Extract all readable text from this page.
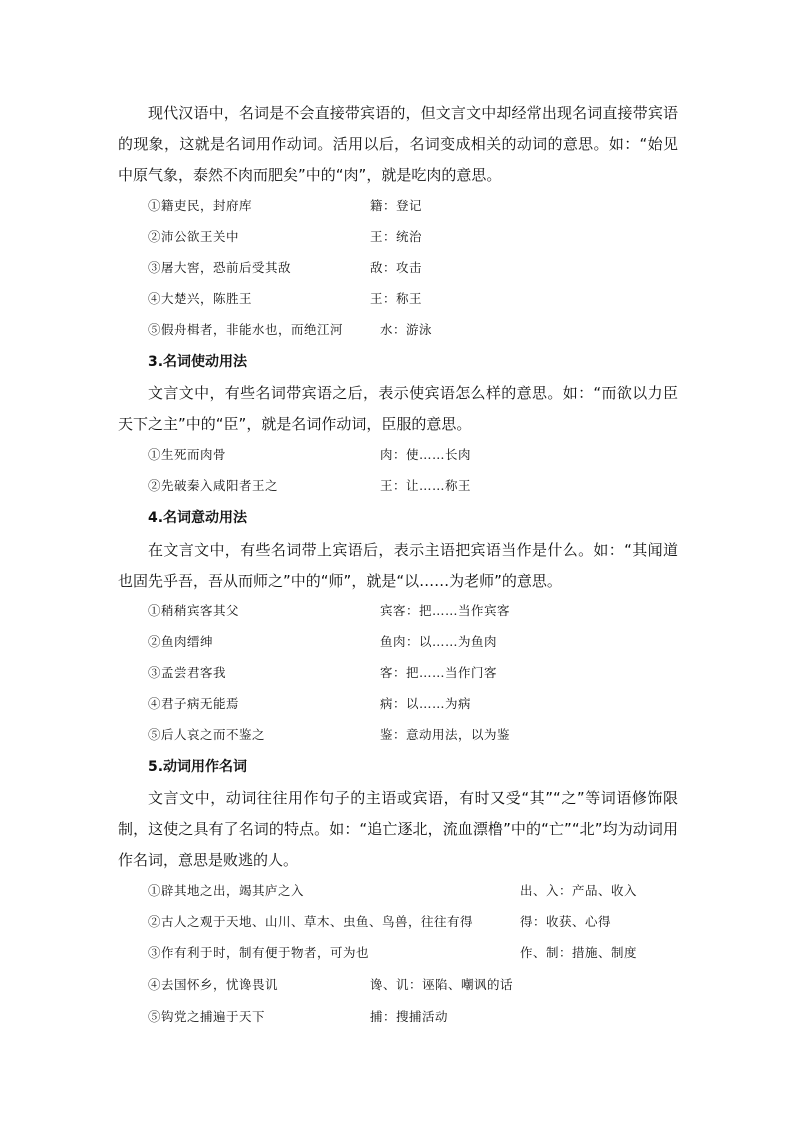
现代汉语中，名词是不会直接带宾语的，但文言文中却经常出现名词直接带宾语的现象，这就是名词用作动词。活用以后，名词变成相关的动词的意思。如：“始见中原气象，泰然不肉而肥矣”中的“肉”，就是吃肉的意思。

①籍吏民，封府库	籍：登记
②沛公欲王关中	王：统治
③屠大窖，恐前后受其敌	敌：攻击
④大楚兴，陈胜王	王：称王
⑤假舟楫者，非能水也，而绝江河	水：游泳
3.名词使动用法

文言文中，有些名词带宾语之后，表示使宾语怎么样的意思。如：“而欲以力臣天下之主”中的“臣”，就是名词作动词，臣服的意思。

①生死而肉骨	肉：使……长肉
②先破秦入咸阳者王之	王：让……称王
4.名词意动用法

在文言文中，有些名词带上宾语后，表示主语把宾语当作是什么。如：“其闻道也固先乎吾，吾从而师之”中的“师”，就是“以……为老师”的意思。

①稍稍宾客其父	宾客：把……当作宾客
②鱼肉缙绅	鱼肉：以……为鱼肉
③孟尝君客我	客：把……当作门客
④君子病无能焉	病：以……为病
⑤后人哀之而不鉴之	鉴：意动用法，以为鉴
5.动词用作名词

文言文中，动词往往用作句子的主语或宾语，有时又受“其”“之”等词语修饰限制，这使之具有了名词的特点。如：“追亡逐北，流血漂橹”中的“亡”“北”均为动词用作名词，意思是败逃的人。

①辟其地之出，竭其庐之入	出、入：产品、收入
②古人之观于天地、山川、草木、虫鱼、鸟兽，往往有得	得：收获、心得
③作有利于时，制有便于物者，可为也	作、制：措施、制度
④去国怀乡，忧谗畏讥	谗、讥：诬陷、嘲讽的话
⑤钩党之捕遍于天下	捕：搜捕活动
